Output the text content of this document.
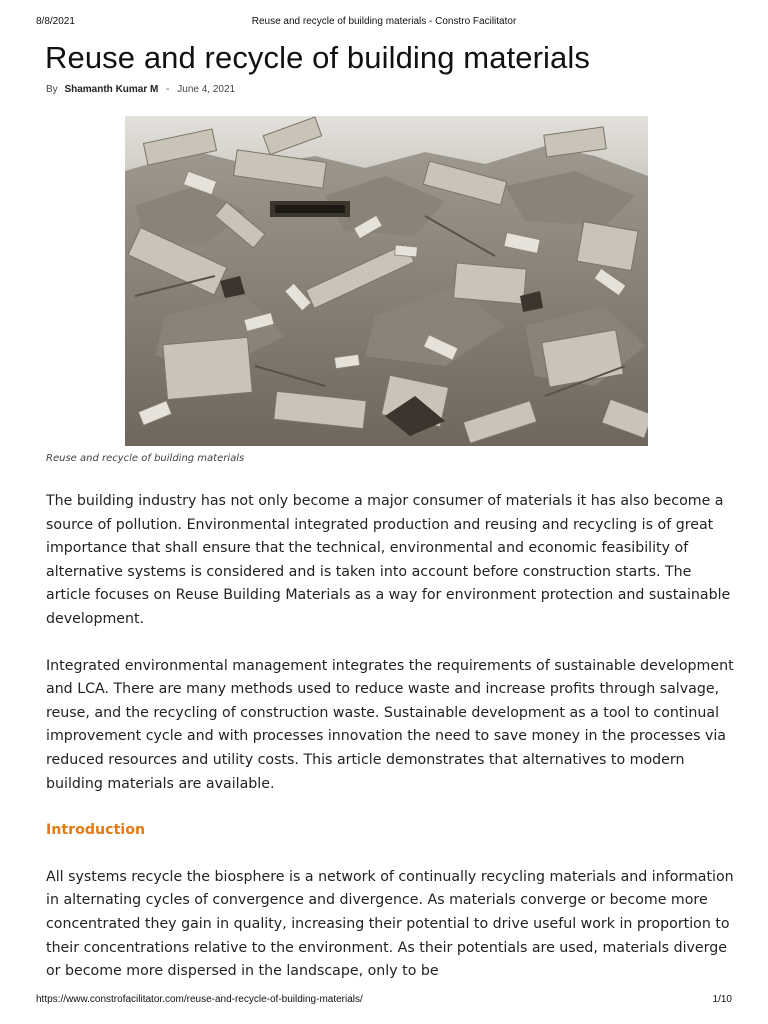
8/8/2021	Reuse and recycle of building materials - Constro Facilitator
Reuse and recycle of building materials
By Shamanth Kumar M - June 4, 2021
Reuse and recycle of building materials

The building industry has not only become a major consumer of materials it has also become a source of pollution. Environmental integrated production and reusing and recycling is of great importance that shall ensure that the technical, environmental and economic feasibility of alternative systems is considered and is taken into account before construction starts. The article focuses on Reuse Building Materials as a way for environment protection and sustainable development.

Integrated environmental management integrates the requirements of sustainable development and LCA. There are many methods used to reduce waste and increase profits through salvage, reuse, and the recycling of construction waste. Sustainable development as a tool to continual improvement cycle and with processes innovation the need to save money in the processes via reduced resources and utility costs. This article demonstrates that alternatives to modern building materials are available.

Introduction

All systems recycle the biosphere is a network of continually recycling materials and information in alternating cycles of convergence and divergence. As materials converge or become more concentrated they gain in quality, increasing their potential to drive useful work in proportion to their concentrations relative to the environment. As their potentials are used, materials diverge or become more dispersed in the landscape, only to be

https://www.constrofacilitator.com/reuse-and-recycle-of-building-materials/	1/10
